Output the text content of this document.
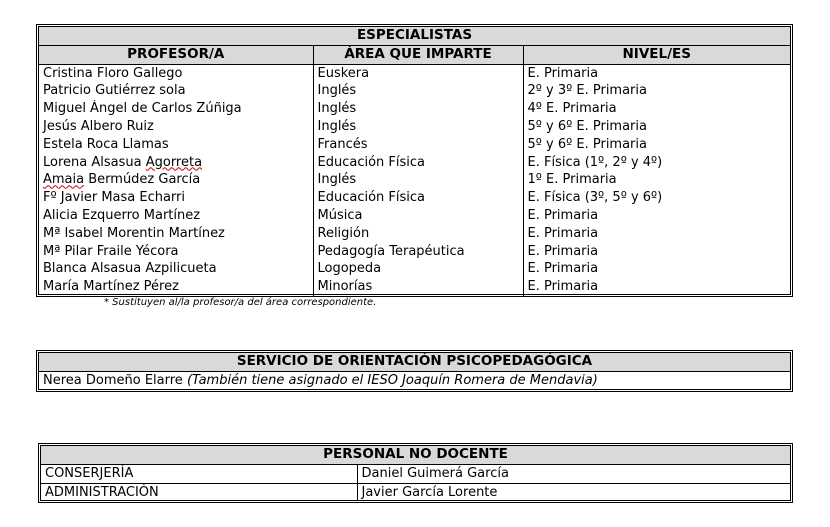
ESPECIALISTAS		
PROFESOR/A	ÁREA QUE IMPARTE	NIVEL/ES
Cristina Floro Gallego	Euskera	E. Primaria
Patricio Gutiérrez sola	Inglés	2º y 3º E. Primaria
Miguel Ángel de Carlos Zúñiga	Inglés	4º E. Primaria
Jesús Albero Ruiz	Inglés	5º y 6º E. Primaria
Estela Roca Llamas	Francés	5º y 6º E. Primaria
Lorena Alsasua Agorreta	Educación Física	E. Física (1º, 2º y 4º)
Amaia Bermúdez García	Inglés	1º E. Primaria
Fº Javier Masa Echarri	Educación Física	E. Física (3º, 5º y 6º)
Alicia Ezquerro Martínez	Música	E. Primaria
Mª Isabel Morentin Martínez	Religión	E. Primaria
Mª Pilar Fraile Yécora	Pedagogía Terapéutica	E. Primaria
Blanca Alsasua Azpilicueta	Logopeda	E. Primaria
María Martínez Pérez	Minorías	E. Primaria
* Sustituyen al/la profesor/a del área correspondiente.
SERVICIO DE ORIENTACIÓN PSICOPEDAGÓGICA
Nerea Domeño Elarre (También tiene asignado el IESO Joaquín Romera de Mendavia)
PERSONAL NO DOCENTE	
CONSERJERÍA	Daniel Guimerá García
ADMINISTRACIÓN	Javier García Lorente
